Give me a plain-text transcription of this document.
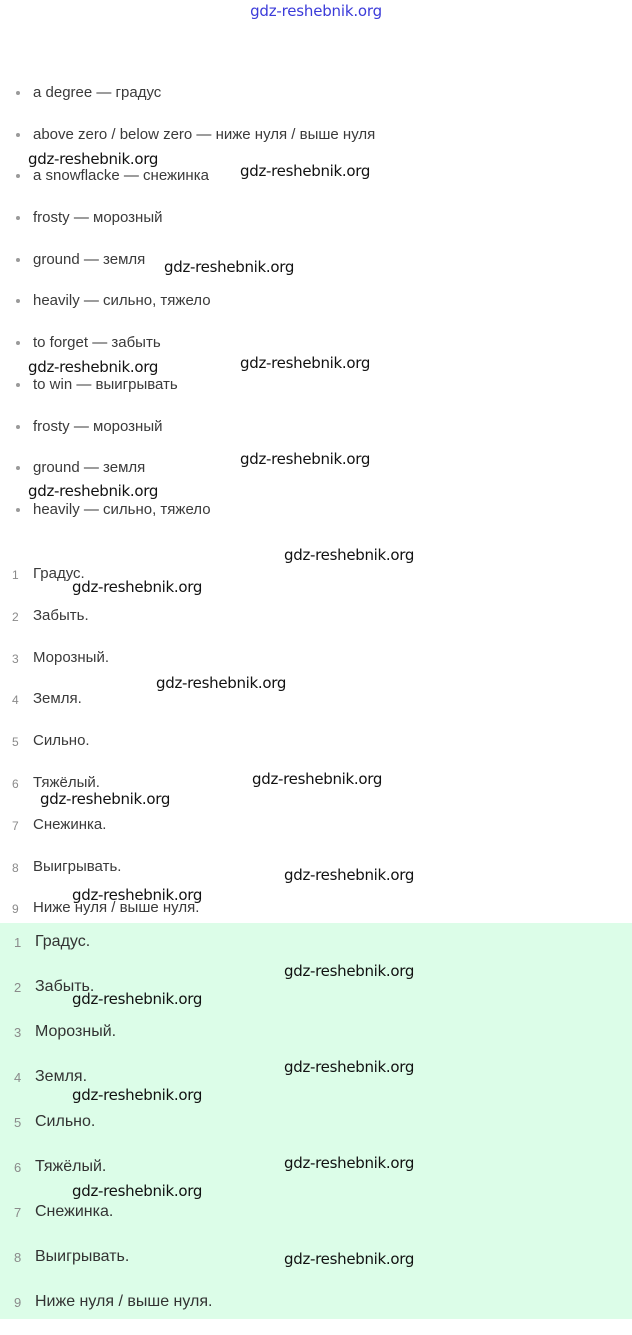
gdz-reshebnik.org
a degree — градус
above zero / below zero — ниже нуля / выше нуля
a snowflacke — снежинка
frosty — морозный
ground — земля
heavily — сильно, тяжело
to forget — забыть
to win — выигрывать
frosty — морозный
ground — земля
heavily — сильно, тяжело
1 Градус.
2 Забыть.
3 Морозный.
4 Земля.
5 Сильно.
6 Тяжёлый.
7 Снежинка.
8 Выигрывать.
9 Ниже нуля / выше нуля.
1 Градус.
2 Забыть.
3 Морозный.
4 Земля.
5 Сильно.
6 Тяжёлый.
7 Снежинка.
8 Выигрывать.
9 Ниже нуля / выше нуля.
gdz-reshebnik.org
gdz-reshebnik.org
gdz-reshebnik.org
gdz-reshebnik.org	gdz-reshebnik.org
gdz-reshebnik.org
gdz-reshebnik.org
gdz-reshebnik.org
gdz-reshebnik.org
gdz-reshebnik.org
gdz-reshebnik.org
gdz-reshebnik.org
gdz-reshebnik.org
gdz-reshebnik.org
gdz-reshebnik.org
gdz-reshebnik.org
gdz-reshebnik.org
gdz-reshebnik.org
gdz-reshebnik.org
gdz-reshebnik.org
gdz-reshebnik.org
